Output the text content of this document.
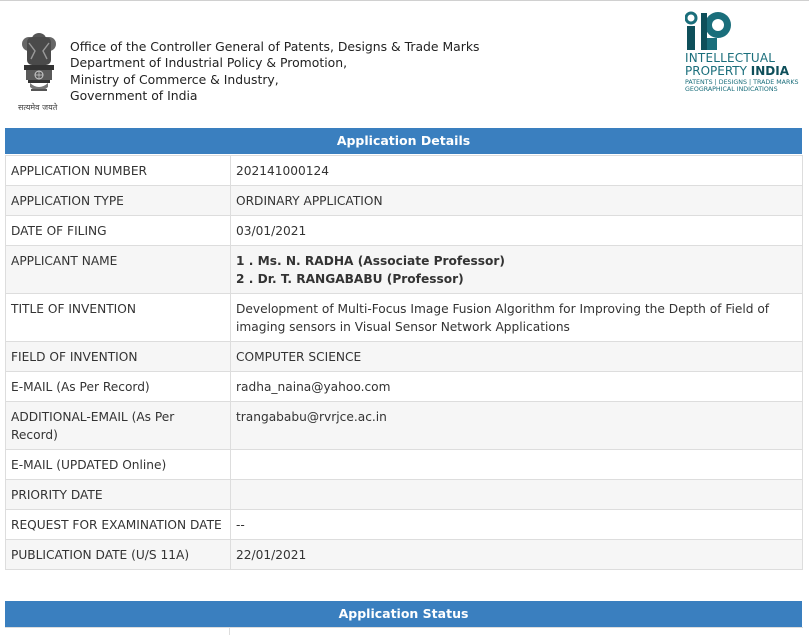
सत्यमेव जयते
Office of the Controller General of Patents, Designs & Trade Marks
Department of Industrial Policy & Promotion,
Ministry of Commerce & Industry,
Government of India
INTELLECTUAL
PROPERTY INDIA
PATENTS | DESIGNS | TRADE MARKS
GEOGRAPHICAL INDICATIONS
Application Details
APPLICATION NUMBER	202141000124
APPLICATION TYPE	ORDINARY APPLICATION
DATE OF FILING	03/01/2021
APPLICANT NAME	1 . Ms. N. RADHA (Associate Professor)
2 . Dr. T. RANGABABU (Professor)

TITLE OF INVENTION	Development of Multi-Focus Image Fusion Algorithm for Improving the Depth of Field of imaging sensors in Visual Sensor Network Applications
FIELD OF INVENTION	COMPUTER SCIENCE
E-MAIL (As Per Record)	radha_naina@yahoo.com
ADDITIONAL-EMAIL (As Per Record)	trangababu@rvrjce.ac.in
E-MAIL (UPDATED Online)	
PRIORITY DATE	
REQUEST FOR EXAMINATION DATE	--
PUBLICATION DATE (U/S 11A)	22/01/2021
Application Status
